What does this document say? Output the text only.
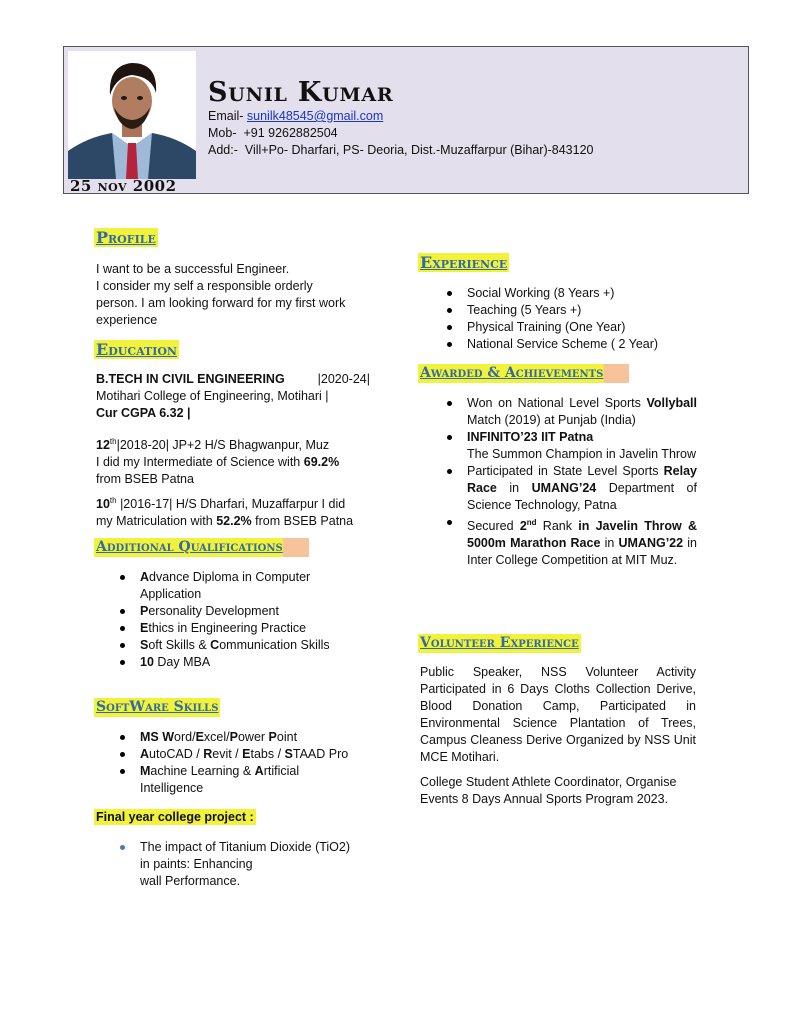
25 nov 2002
Sunil Kumar
Email- sunilk48545@gmail.com
Mob- +91 9262882504
Add:- Vill+Po- Dharfari, PS- Deoria, Dist.-Muzaffarpur (Bihar)-843120
Profile
I want to be a successful Engineer.
I consider my self a responsible orderly
person. I am looking forward for my first work
experience
Education
B.TECH IN CIVIL ENGINEERING	|2020-24|
Motihari College of Engineering, Motihari |
Cur CGPA 6.32 |
12th|2018-20| JP+2 H/S Bhagwanpur, Muz
I did my Intermediate of Science with 69.2%
from BSEB Patna
10th |2016-17| H/S Dharfari, Muzaffarpur I did
my Matriculation with 52.2% from BSEB Patna
Additional Qualifications
Advance Diploma in Computer Application
Personality Development
Ethics in Engineering Practice
Soft Skills & Communication Skills
10 Day MBA
SoftWare Skills
MS Word/Excel/Power Point
AutoCAD / Revit / Etabs / STAAD Pro
Machine Learning & Artificial Intelligence
Final year college project :
The impact of Titanium Dioxide (TiO2)
in paints: Enhancing
wall Performance.
Experience
Social Working (8 Years +)
Teaching (5 Years +)
Physical Training (One Year)
National Service Scheme ( 2 Year)
Awarded & Achievements
Won on National Level Sports Vollyball Match (2019) at Punjab (India)
INFINITO’23 IIT Patna
The Summon Champion in Javelin Throw
Participated in State Level Sports Relay Race in UMANG’24 Department of Science Technology, Patna
Secured 2nd Rank in Javelin Throw & 5000m Marathon Race in UMANG’22 in Inter College Competition at MIT Muz.
Volunteer Experience
Public Speaker, NSS Volunteer Activity Participated in 6 Days Cloths Collection Derive, Blood Donation Camp, Participated in Environmental Science Plantation of Trees, Campus Cleaness Derive Organized by NSS Unit MCE Motihari.
College Student Athlete Coordinator, Organise Events 8 Days Annual Sports Program 2023.
